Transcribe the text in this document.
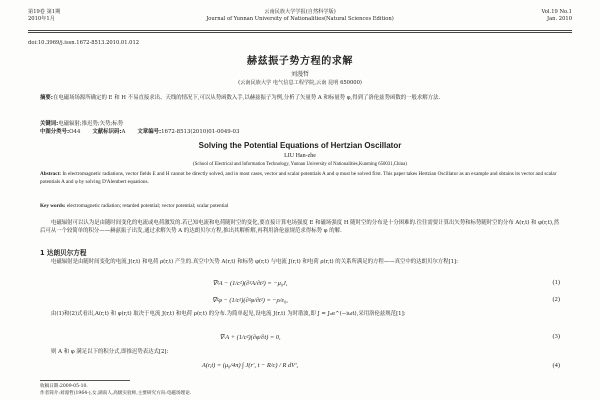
第19卷 第1期
2010年1月
云南民族大学学报(自然科学版)
Journal of Yunnan University of Nationalities(Natural Sciences Edition)
Vol.19 No.1
Jan. 2010
doi:10.3969/j.issn.1672-8513.2010.01.012
赫兹振子势方程的求解
刘漫哲
(云南民族大学 电气信息工程学院,云南 昆明 650000)
摘要:在电磁场场源所确定的 E 和 H 不易直接求出、天线的情况下,可以从势函数入手,以赫兹振子为例,分析了矢量势 A 和标量势 φ,得到了洛伦兹势函数的一般求解方法.
关键词:电磁辐射;推迟势;矢势;标势
中图分类号:O44 文献标识码:A 文章编号:1672-8513(2010)01-0049-03
Solving the Potential Equations of Hertzian Oscillator
LIU Han-zhe
(School of Electrical and Information Technology, Yunnan University of Nationalities,Kunming 650031,China)
Abstract: In electromagnetic radiations, vector fields E and H cannot be directly solved, and in most cases, vector and scalar potentials A and φ must be solved first. This paper takes Hertzian Oscillator as an example and obtains its vector and scalar potentials A and φ by solving D'Alembert equations.
Key words: electromagnetic radiation; retarded potential; vector potential; scalar potential
电磁辐射可以认为是由随时间变化的电流或电荷激发的.若已知电流和电荷随时空的变化,要直接计算电场强度 E 和磁场强度 H 随时空的分布是十分困难的.往往需要计算出矢势和标势随时空的分布 A(r,t) 和 φ(r,t),然后可从一个较简单的积分——赫兹振子出发,通过求解矢势 A 的达朗贝尔方程,推出其解析解,再利用洛伦兹规范求得标势 φ 的解.
1 达朗贝尔方程
电磁辐射是由随时间变化的电流 J(r,t) 和电荷 ρ(r,t) 产生的.真空中矢势 A(r,t) 和标势 φ(r,t) 与电流 J(r,t) 和电荷 ρ(r,t) 的关系所满足的方程——真空中的达朗贝尔方程[1]:
∇²A − (1/c²)(∂²A/∂t²) = −μ₀J,	(1)
∇²φ − (1/c²)(∂²φ/∂t²) = −ρ/ε₀,	(2)
由(1)和(2)式看出,A(r,t) 和 φ(r,t) 取决于电流 J(r,t) 和电荷 ρ(r,t) 的分布.为简单起见,设电流 J(r,t) 为时谐波,即 J = J₀e^(−iωt),采用洛伦兹规范[1]:
∇·A + (1/c²)(∂φ/∂t) = 0,	(3)
则 A 和 φ 满足以下的积分式,即推迟势表达式[2]:
A(r,t) = (μ₀/4π) ∫ J(r′, t − R/c) / R dV′,	(4)
收稿日期:2009-05-10.
作者简介:刘漫哲(1964-),女,湖南人,高级实验师,主要研究方向:电磁场理论.
